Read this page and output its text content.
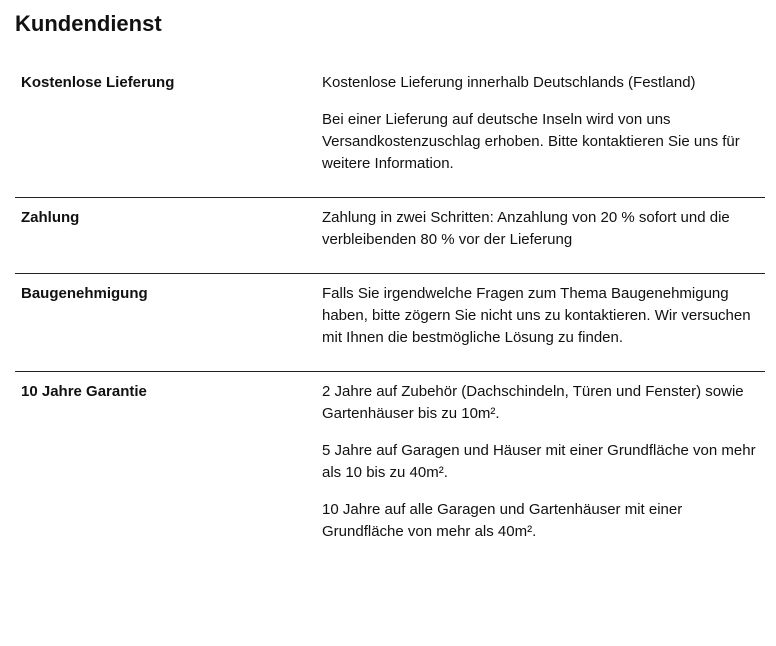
Kundendienst
Kostenlose Lieferung	Kostenlose Lieferung innerhalb Deutschlands (Festland)

Bei einer Lieferung auf deutsche Inseln wird von uns Versandkostenzuschlag erhoben. Bitte kontaktieren Sie uns für weitere Information.

Zahlung	Zahlung in zwei Schritten: Anzahlung von 20 % sofort und die verbleibenden 80 % vor der Lieferung

Baugenehmigung	Falls Sie irgendwelche Fragen zum Thema Baugenehmigung haben, bitte zögern Sie nicht uns zu kontaktieren. Wir versuchen mit Ihnen die bestmögliche Lösung zu finden.

10 Jahre Garantie	2 Jahre auf Zubehör (Dachschindeln, Türen und Fenster) sowie Gartenhäuser bis zu 10m².

5 Jahre auf Garagen und Häuser mit einer Grundfläche von mehr als 10 bis zu 40m².

10 Jahre auf alle Garagen und Gartenhäuser mit einer Grundfläche von mehr als 40m².
